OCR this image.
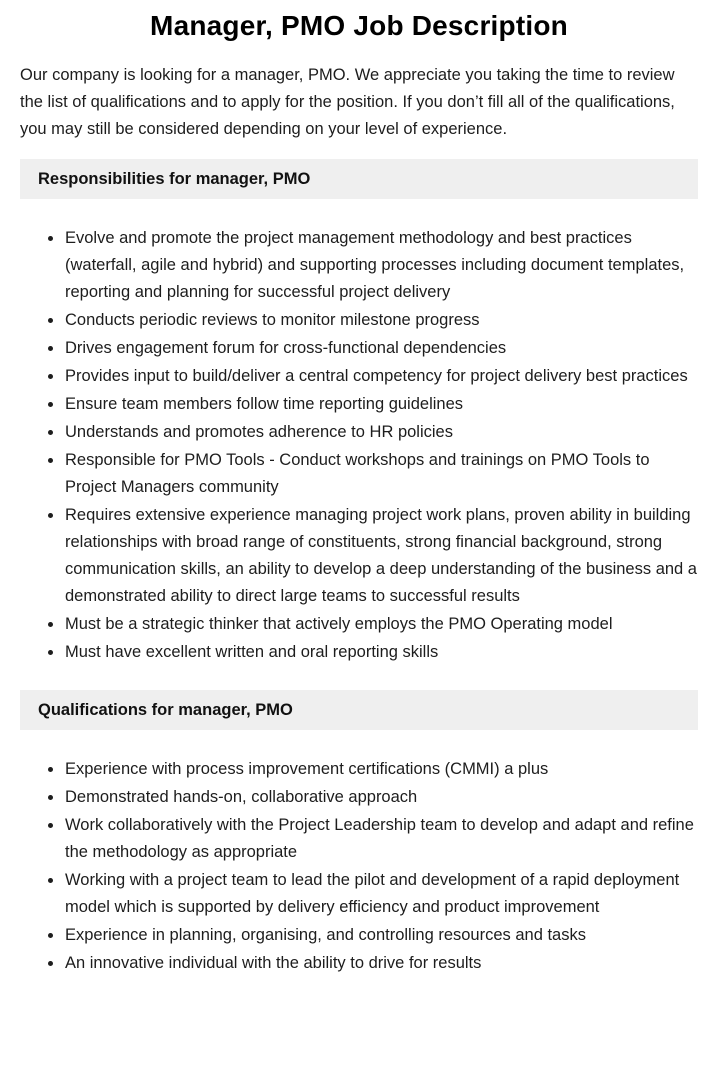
Manager, PMO Job Description

Our company is looking for a manager, PMO. We appreciate you taking the time to review the list of qualifications and to apply for the position. If you don’t fill all of the qualifications, you may still be considered depending on your level of experience.

Responsibilities for manager, PMO
• Evolve and promote the project management methodology and best practices (waterfall, agile and hybrid) and supporting processes including document templates, reporting and planning for successful project delivery
• Conducts periodic reviews to monitor milestone progress
• Drives engagement forum for cross-functional dependencies
• Provides input to build/deliver a central competency for project delivery best practices
• Ensure team members follow time reporting guidelines
• Understands and promotes adherence to HR policies
• Responsible for PMO Tools - Conduct workshops and trainings on PMO Tools to Project Managers community
• Requires extensive experience managing project work plans, proven ability in building relationships with broad range of constituents, strong financial background, strong communication skills, an ability to develop a deep understanding of the business and a demonstrated ability to direct large teams to successful results
• Must be a strategic thinker that actively employs the PMO Operating model
• Must have excellent written and oral reporting skills
Qualifications for manager, PMO
• Experience with process improvement certifications (CMMI) a plus
• Demonstrated hands-on, collaborative approach
• Work collaboratively with the Project Leadership team to develop and adapt and refine the methodology as appropriate
• Working with a project team to lead the pilot and development of a rapid deployment model which is supported by delivery efficiency and product improvement
• Experience in planning, organising, and controlling resources and tasks
• An innovative individual with the ability to drive for results
